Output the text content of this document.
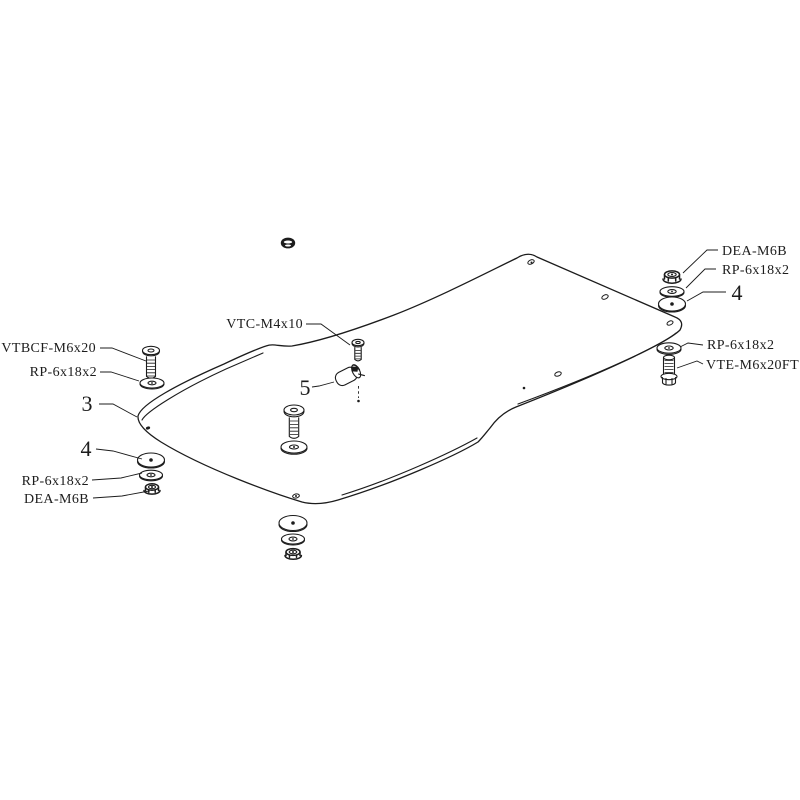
VTBCF-M6x20
RP-6x18x2
3
4
RP-6x18x2
DEA-M6B
VTC-M4x10
5
DEA-M6B
RP-6x18x2
4
RP-6x18x2
VTE-M6x20FT
